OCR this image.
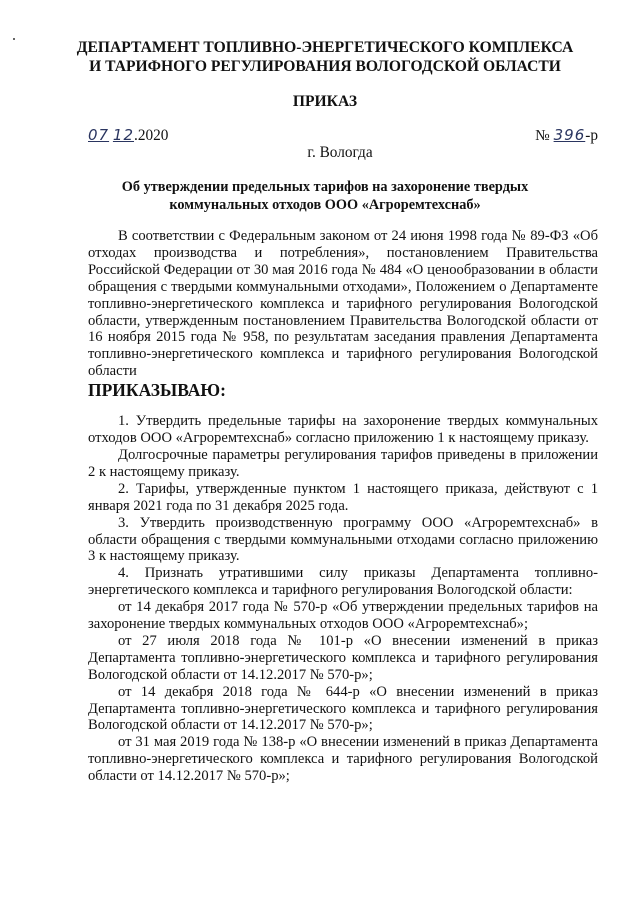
ДЕПАРТАМЕНТ ТОПЛИВНО-ЭНЕРГЕТИЧЕСКОГО КОМПЛЕКСА
И ТАРИФНОГО РЕГУЛИРОВАНИЯ ВОЛОГОДСКОЙ ОБЛАСТИ
ПРИКАЗ
07 12.2020	№ 396-р
г. Вологда
Об утверждении предельных тарифов на захоронение твердых
коммунальных отходов ООО «Агроремтехснаб»

В соответствии с Федеральным законом от 24 июня 1998 года № 89-ФЗ «Об отходах производства и потребления», постановлением Правительства Российской Федерации от 30 мая 2016 года № 484 «О ценообразовании в области обращения с твердыми коммунальными отходами», Положением о Департаменте топливно-энергетического комплекса и тарифного регулирования Вологодской области, утвержденным постановлением Правительства Вологодской области от 16 ноября 2015 года № 958, по результатам заседания правления Департамента топливно-энергетического комплекса и тарифного регулирования Вологодской области

ПРИКАЗЫВАЮ:

1. Утвердить предельные тарифы на захоронение твердых коммунальных отходов ООО «Агроремтехснаб» согласно приложению 1 к настоящему приказу.

Долгосрочные параметры регулирования тарифов приведены в приложении 2 к настоящему приказу.

2. Тарифы, утвержденные пунктом 1 настоящего приказа, действуют с 1 января 2021 года по 31 декабря 2025 года.

3. Утвердить производственную программу ООО «Агроремтехснаб» в области обращения с твердыми коммунальными отходами согласно приложению 3 к настоящему приказу.

4. Признать утратившими силу приказы Департамента топливно-энергетического комплекса и тарифного регулирования Вологодской области:

от 14 декабря 2017 года № 570-р «Об утверждении предельных тарифов на захоронение твердых коммунальных отходов ООО «Агроремтехснаб»;

от 27 июля 2018 года № 101-р «О внесении изменений в приказ Департамента топливно-энергетического комплекса и тарифного регулирования Вологодской области от 14.12.2017 № 570-р»;

от 14 декабря 2018 года № 644-р «О внесении изменений в приказ Департамента топливно-энергетического комплекса и тарифного регулирования Вологодской области от 14.12.2017 № 570-р»;

от 31 мая 2019 года № 138-р «О внесении изменений в приказ Департамента топливно-энергетического комплекса и тарифного регулирования Вологодской области от 14.12.2017 № 570-р»;
